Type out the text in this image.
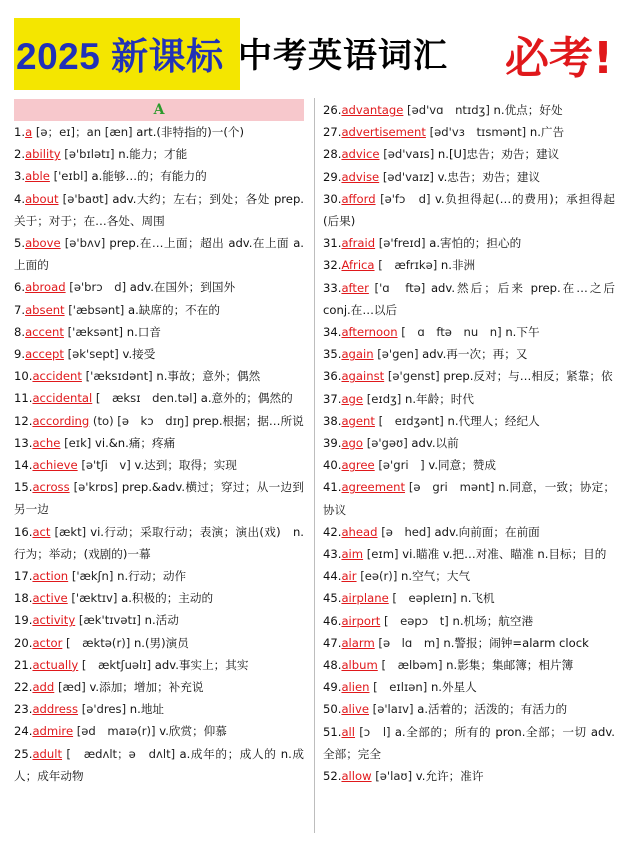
2025 新课标 中考英语词汇 必考!
A
1.a [ə；eɪ]；an [æn] art.(非特指的)一(个)
2.ability [ə'bɪlətɪ] n.能力；才能
3.able ['eɪbl] a.能够…的；有能力的
4.about [ə'baʊt] adv.大约；左右；到处；各处 prep.关于；对于；在…各处、周围
5.above [ə'bʌv] prep.在…上面；超出 adv.在上面 a.上面的
6.abroad [ə'brɔ　d] adv.在国外；到国外
7.absent ['æbsənt] a.缺席的；不在的
8.accent ['æksənt] n.口音
9.accept [ək'sept] v.接受
10.accident ['æksɪdənt] n.事故；意外；偶然
11.accidental [　æksɪ　den.təl] a.意外的；偶然的
12.according (to) [ə　kɔ　dɪŋ] prep.根据；据…所说
13.ache [eɪk] vi.&n.痛；疼痛
14.achieve [ə'tʃi　v] v.达到；取得；实现
15.across [ə'krɒs] prep.&adv.横过；穿过；从一边到另一边
16.act [ækt] vi.行动；采取行动；表演；演出(戏)　n.行为；举动；(戏剧的)一幕
17.action ['ækʃn] n.行动；动作
18.active ['æktɪv] a.积极的；主动的
19.activity [æk'tɪvətɪ] n.活动
20.actor [　æktə(r)] n.(男)演员
21.actually [　æktʃuəlɪ] adv.事实上；其实
22.add [æd] v.添加；增加；补充说
23.address [ə'dres] n.地址
24.admire [əd　maɪə(r)] v.欣赏；仰慕
25.adult [　ædʌlt；ə　dʌlt] a.成年的；成人的 n.成人；成年动物
26.advantage [əd'vɑ　ntɪdʒ] n.优点；好处
27.advertisement [əd'vɜ　tɪsmənt] n.广告
28.advice [əd'vaɪs] n.[U]忠告；劝告；建议
29.advise [əd'vaɪz] v.忠告；劝告；建议
30.afford [ə'fɔ　d] v.负担得起(…的费用)；承担得起(后果)
31.afraid [ə'freɪd] a.害怕的；担心的
32.Africa [　æfrɪkə] n.非洲
33.after ['ɑ　ftə] adv.然后；后来 prep.在…之后 conj.在…以后
34.afternoon [　ɑ　ftə　nu　n] n.下午
35.again [ə'gen] adv.再一次；再；又
36.against [ə'genst] prep.反对；与…相反；紧靠；依
37.age [eɪdʒ] n.年龄；时代
38.agent [　eɪdʒənt] n.代理人；经纪人
39.ago [ə'gəʊ] adv.以前
40.agree [ə'gri　] v.同意；赞成
41.agreement [ə　gri　mənt] n.同意，一致；协定；协议
42.ahead [ə　hed] adv.向前面；在前面
43.aim [eɪm] vi.瞄准 v.把…对准、瞄准 n.目标；目的
44.air [eə(r)] n.空气；大气
45.airplane [　eəpleɪn] n.飞机
46.airport [　eəpɔ　t] n.机场；航空港
47.alarm [ə　lɑ　m] n.警报；闹钟=alarm clock
48.album [　ælbəm] n.影集；集邮簿；相片簿
49.alien [　eɪlɪən] n.外星人
50.alive [ə'laɪv] a.活着的；活泼的；有活力的
51.all [ɔ　l] a.全部的；所有的 pron.全部；一切 adv.全部；完全
52.allow [ə'laʊ] v.允许；准许
